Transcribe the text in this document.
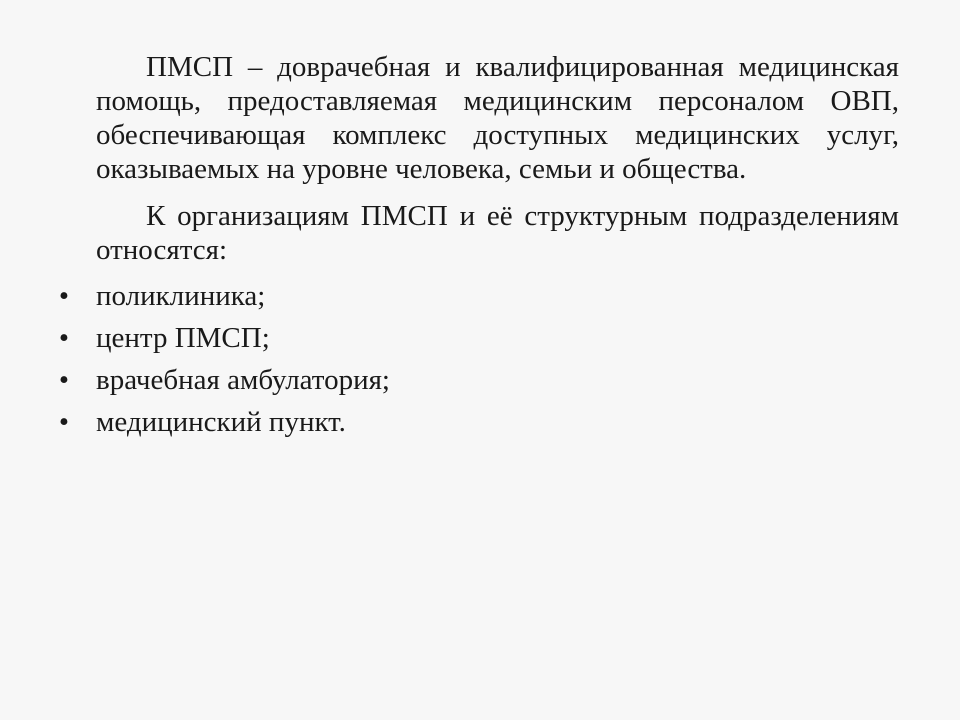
ПМСП – доврачебная и квалифицированная медицинская помощь, предоставляемая медицинским персоналом ОВП, обеспечивающая комплекс доступных медицинских услуг, оказываемых на уровне человека, семьи и общества.

К организациям ПМСП и её структурным подразделениям относятся:

• поликлиника;
• центр ПМСП;
• врачебная амбулатория;
• медицинский пункт.
